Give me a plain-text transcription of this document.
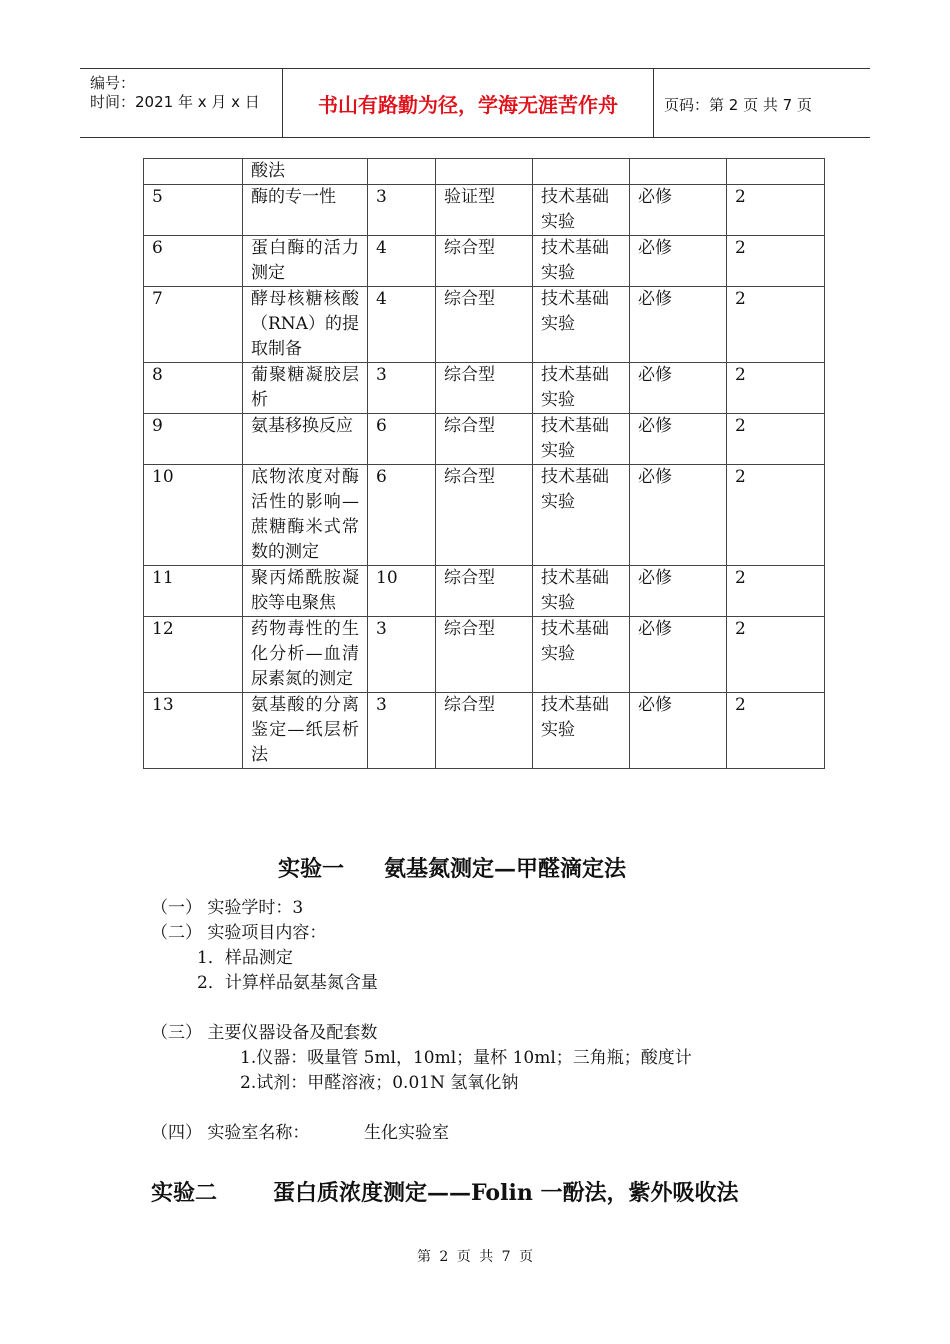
编号：
时间：2021 年 x 月 x 日	书山有路勤为径，学海无涯苦作舟	页码：第 2 页 共 7 页
	酸法					
5	酶的专一性	3	验证型	技术基础实验	必修	2
6	蛋白酶的活力测定	4	综合型	技术基础实验	必修	2
7	酵母核糖核酸（RNA）的提取制备	4	综合型	技术基础实验	必修	2
8	葡聚糖凝胶层析	3	综合型	技术基础实验	必修	2
9	氨基移换反应	6	综合型	技术基础实验	必修	2
10	底物浓度对酶活性的影响—蔗糖酶米式常数的测定	6	综合型	技术基础实验	必修	2
11	聚丙烯酰胺凝胶等电聚焦	10	综合型	技术基础实验	必修	2
12	药物毒性的生化分析—血清尿素氮的测定	3	综合型	技术基础实验	必修	2
13	氨基酸的分离鉴定—纸层析法	3	综合型	技术基础实验	必修	2
实验一 氨基氮测定—甲醛滴定法
（一） 实验学时：3
（二） 实验项目内容：
1．样品测定
2．计算样品氨基氮含量
（三） 主要仪器设备及配套数
1.仪器：吸量管 5ml，10ml；量杯 10ml；三角瓶；酸度计
2.试剂：甲醛溶液；0.01N 氢氧化钠
（四） 实验室名称：	生化实验室
实验二	蛋白质浓度测定——Folin 一酚法，紫外吸收法
第 2 页 共 7 页
